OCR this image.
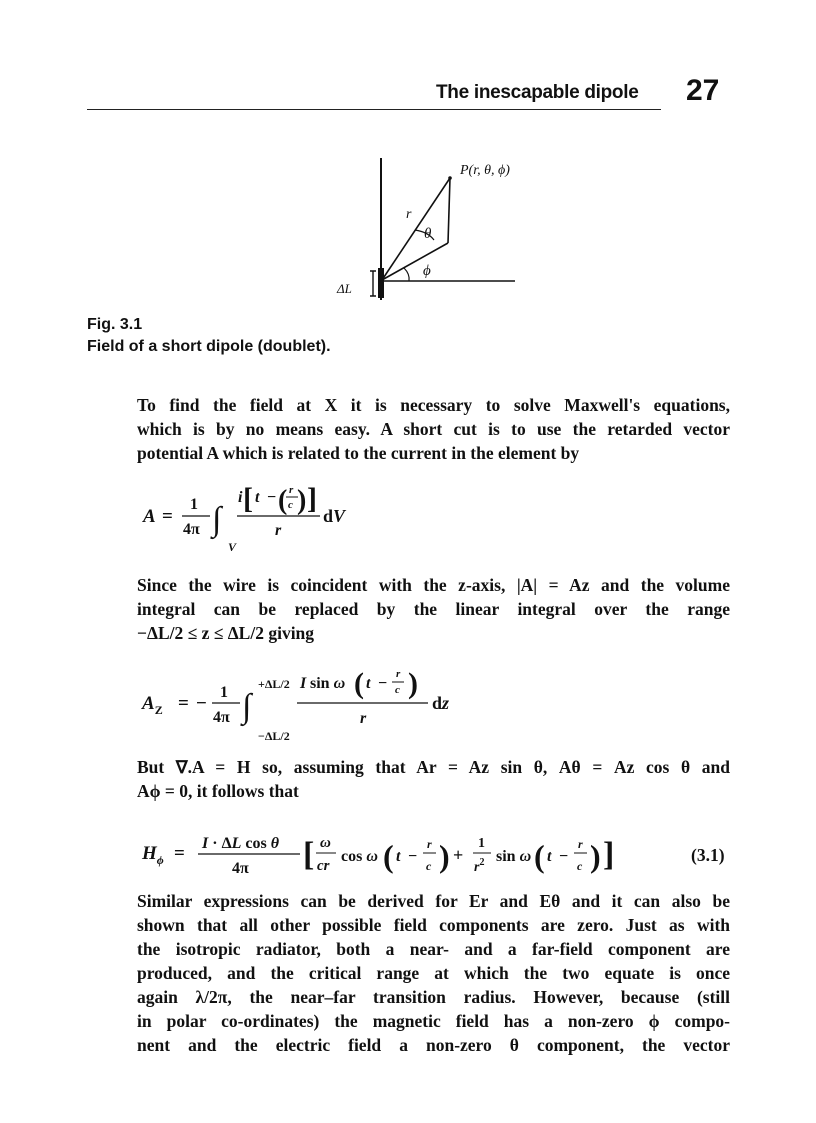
The inescapable dipole 27
P(r, θ, ϕ)
r
θ
ϕ
ΔL
Fig. 3.1
Field of a short dipole (doublet).
To find the field at X it is necessary to solve Maxwell's equations,
which is by no means easy. A short cut is to use the retarded vector
potential A which is related to the current in the element by
A =
1
4π ∫
V
i [ t − ( r
c ) ]
r
dV
Since the wire is coincident with the z-axis, |A| = Az and the volume
integral can be replaced by the linear integral over the range
−ΔL/2 ≤ z ≤ ΔL/2 giving
$A_Z$ = −
1
4π ∫
+ΔL/2
−ΔL/2
I sin ω ( t −
r
c )
r
dz
But ∇.A = H so, assuming that Ar = Az sin θ, Aθ = Az cos θ and
Aϕ = 0, it follows that
$H_\phi = I \cdot \Delta L$ cos θ
4π [ ω
cr
cos ω ( t −
r
c ) +
1
$r^2$ sin ω ( t −
r
c ) ]	(3.1)
Similar expressions can be derived for Er and Eθ and it can also be
shown that all other possible field components are zero. Just as with
the isotropic radiator, both a near- and a far-field component are
produced, and the critical range at which the two equate is once
again λ/2π, the near–far transition radius. However, because (still
in polar co-ordinates) the magnetic field has a non-zero ϕ compo-
nent and the electric field a non-zero θ component, the vector
